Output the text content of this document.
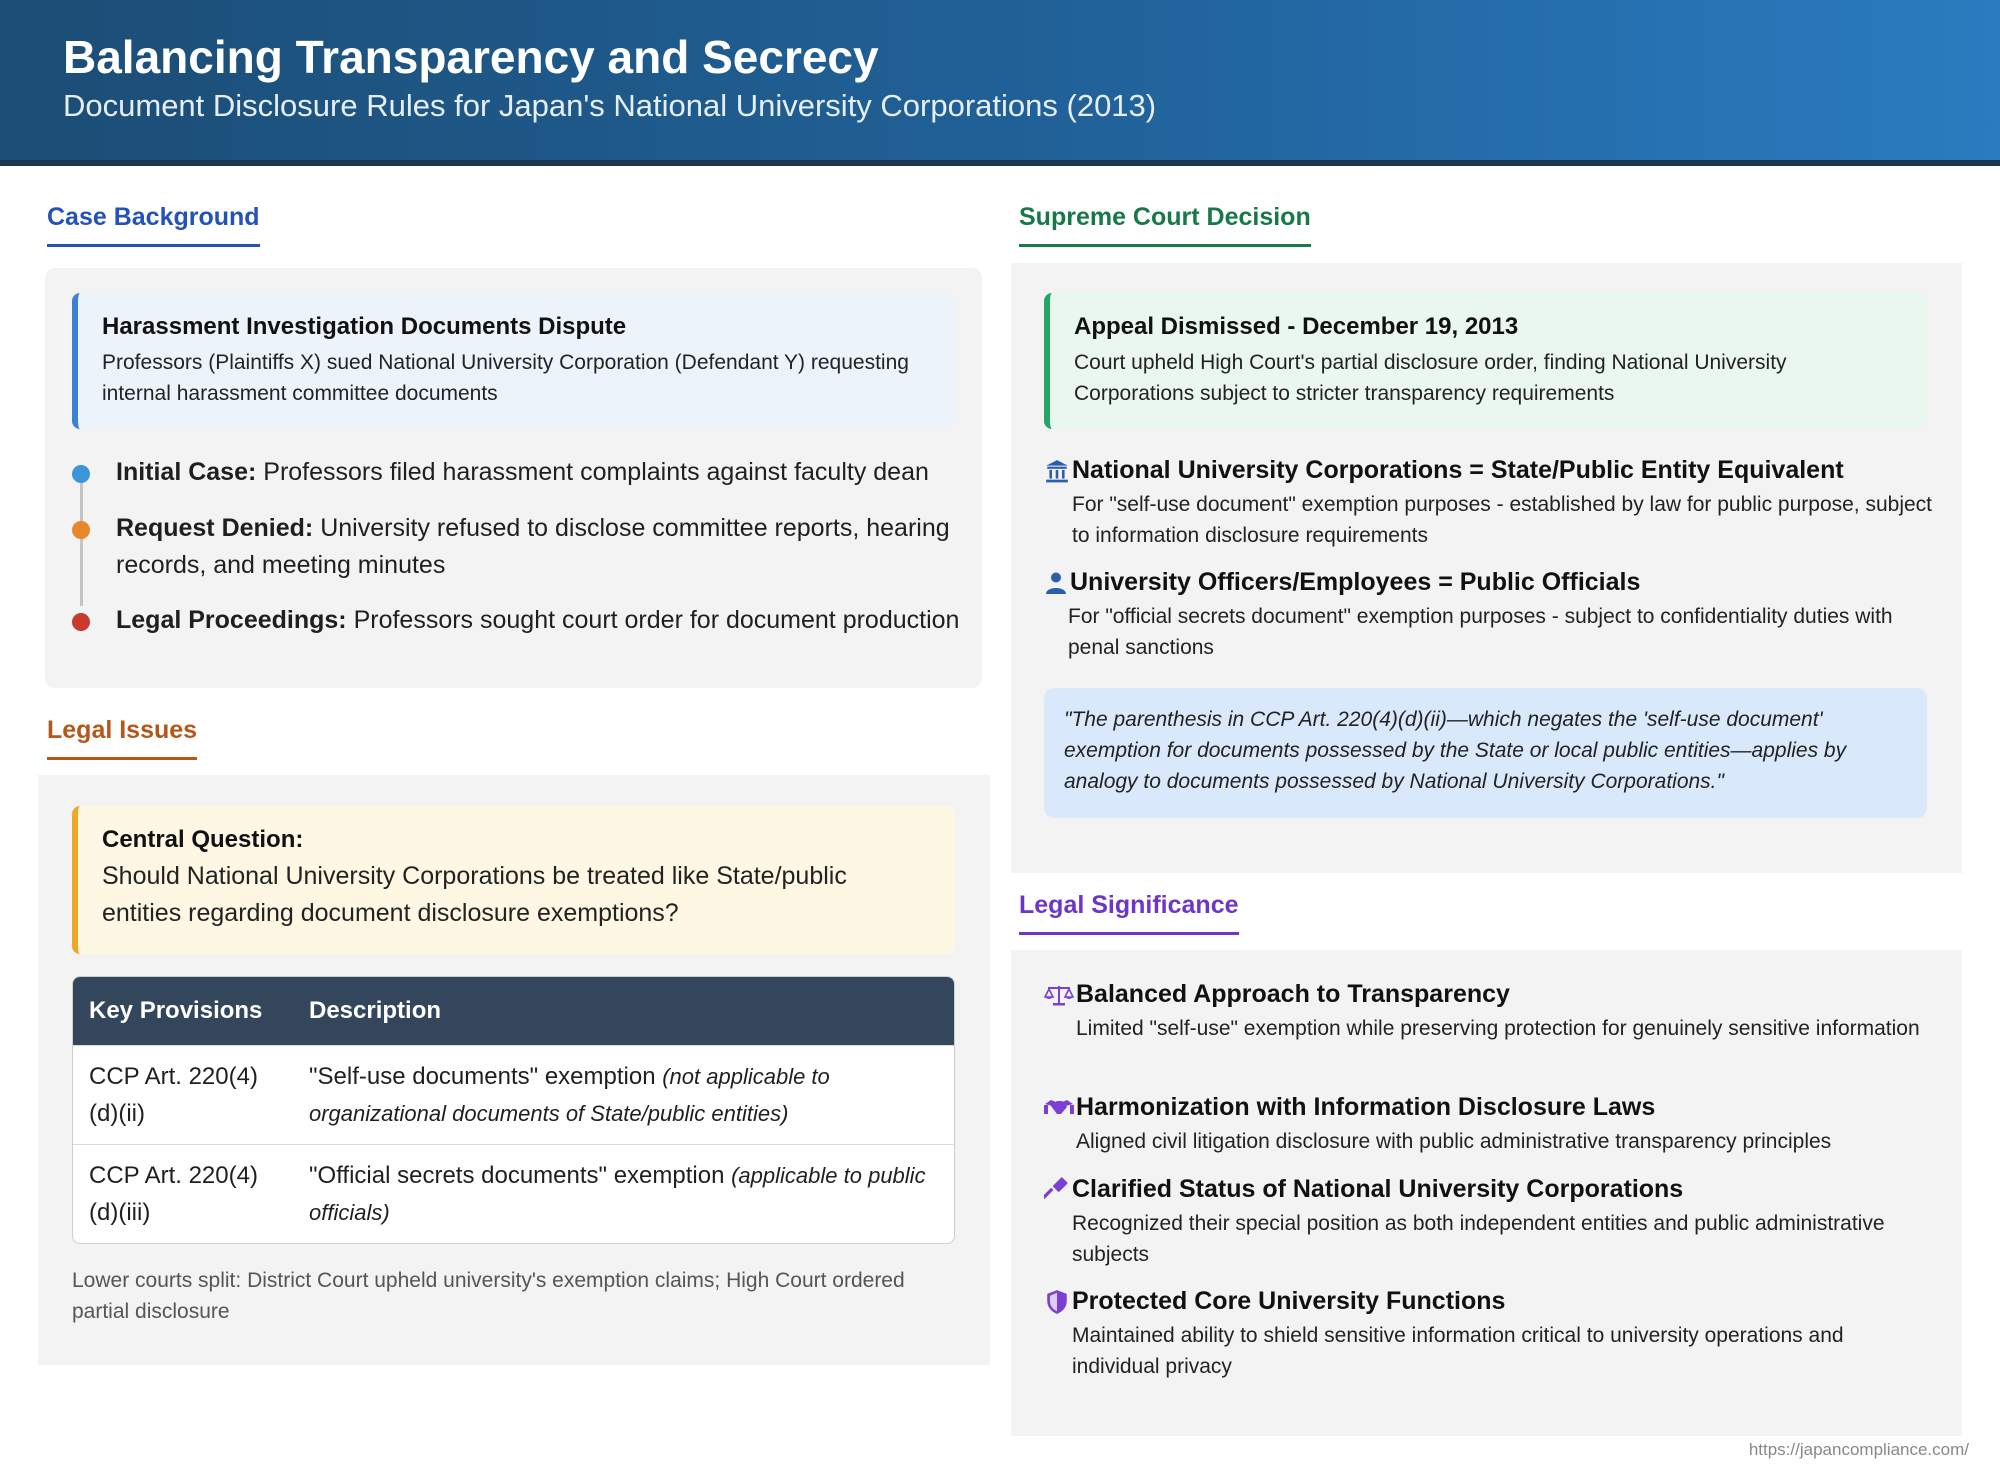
Balancing Transparency and Secrecy

Document Disclosure Rules for Japan's National University Corporations (2013)

Case Background
Harassment Investigation Documents Dispute
Professors (Plaintiffs X) sued National University Corporation (Defendant Y) requesting internal harassment committee documents
Initial Case: Professors filed harassment complaints against faculty dean
Request Denied: University refused to disclose committee reports, hearing records, and meeting minutes
Legal Proceedings: Professors sought court order for document production
Legal Issues
Central Question:
Should National University Corporations be treated like State/public entities regarding document disclosure exemptions?
Key Provisions	Description
CCP Art. 220(4)(d)(ii)	"Self-use documents" exemption (not applicable to organizational documents of State/public entities)
CCP Art. 220(4)(d)(iii)	"Official secrets documents" exemption (applicable to public officials)
Lower courts split: District Court upheld university's exemption claims; High Court ordered partial disclosure
Supreme Court Decision
Appeal Dismissed - December 19, 2013
Court upheld High Court's partial disclosure order, finding National University Corporations subject to stricter transparency requirements
National University Corporations = State/Public Entity Equivalent
For "self-use document" exemption purposes - established by law for public purpose, subject to information disclosure requirements
University Officers/Employees = Public Officials
For "official secrets document" exemption purposes - subject to confidentiality duties with penal sanctions
"The parenthesis in CCP Art. 220(4)(d)(ii)—which negates the 'self-use document' exemption for documents possessed by the State or local public entities—applies by analogy to documents possessed by National University Corporations."
Legal Significance
Balanced Approach to Transparency
Limited "self-use" exemption while preserving protection for genuinely sensitive information
Harmonization with Information Disclosure Laws
Aligned civil litigation disclosure with public administrative transparency principles
Clarified Status of National University Corporations
Recognized their special position as both independent entities and public administrative subjects
Protected Core University Functions
Maintained ability to shield sensitive information critical to university operations and individual privacy
https://japancompliance.com/
